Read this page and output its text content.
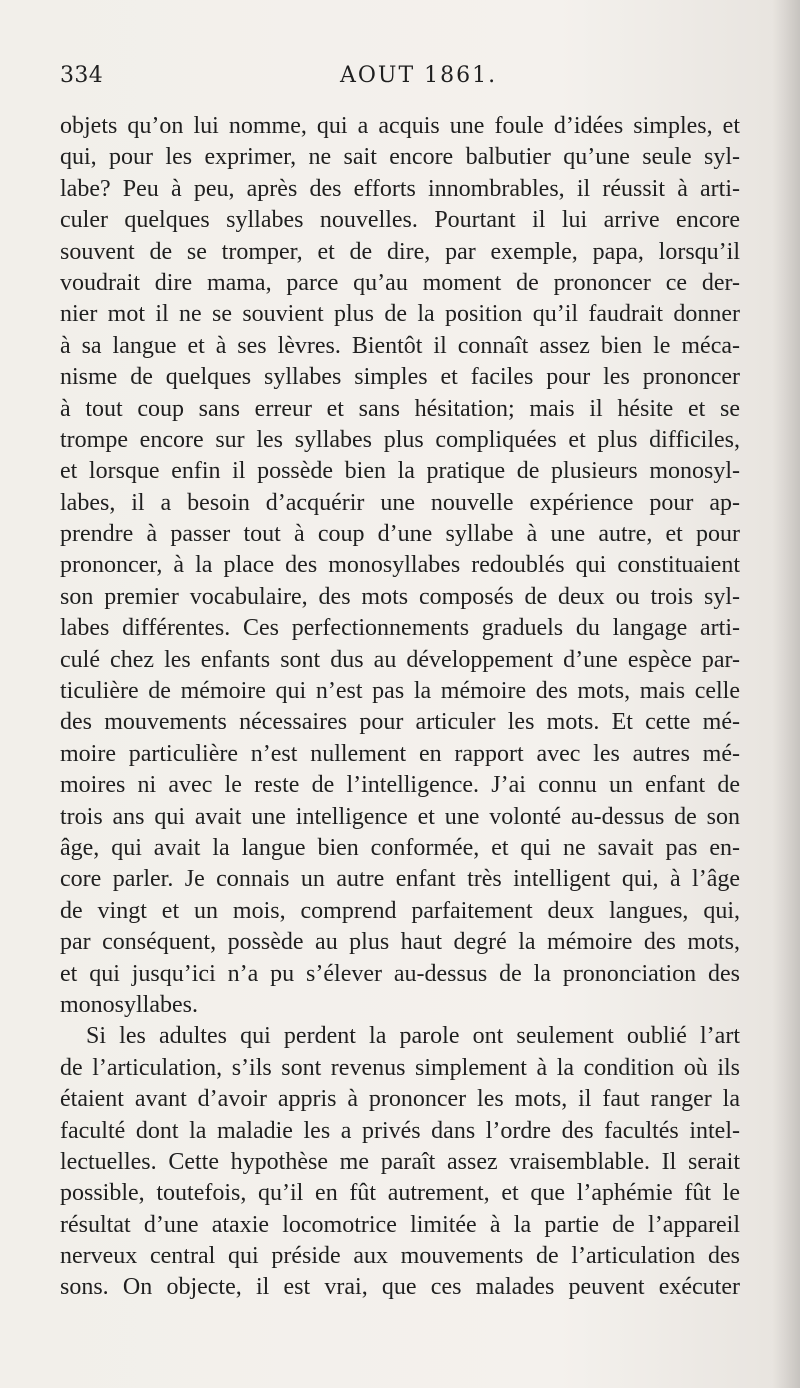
334	AOUT 1861.
objets qu’on lui nomme, qui a acquis une foule d’idées simples, et
qui, pour les exprimer, ne sait encore balbutier qu’une seule syl-
labe? Peu à peu, après des efforts innombrables, il réussit à arti-
culer quelques syllabes nouvelles. Pourtant il lui arrive encore
souvent de se tromper, et de dire, par exemple, papa, lorsqu’il
voudrait dire mama, parce qu’au moment de prononcer ce der-
nier mot il ne se souvient plus de la position qu’il faudrait donner
à sa langue et à ses lèvres. Bientôt il connaît assez bien le méca-
nisme de quelques syllabes simples et faciles pour les prononcer
à tout coup sans erreur et sans hésitation; mais il hésite et se
trompe encore sur les syllabes plus compliquées et plus difficiles,
et lorsque enfin il possède bien la pratique de plusieurs monosyl-
labes, il a besoin d’acquérir une nouvelle expérience pour ap-
prendre à passer tout à coup d’une syllabe à une autre, et pour
prononcer, à la place des monosyllabes redoublés qui constituaient
son premier vocabulaire, des mots composés de deux ou trois syl-
labes différentes. Ces perfectionnements graduels du langage arti-
culé chez les enfants sont dus au développement d’une espèce par-
ticulière de mémoire qui n’est pas la mémoire des mots, mais celle
des mouvements nécessaires pour articuler les mots. Et cette mé-
moire particulière n’est nullement en rapport avec les autres mé-
moires ni avec le reste de l’intelligence. J’ai connu un enfant de
trois ans qui avait une intelligence et une volonté au-dessus de son
âge, qui avait la langue bien conformée, et qui ne savait pas en-
core parler. Je connais un autre enfant très intelligent qui, à l’âge
de vingt et un mois, comprend parfaitement deux langues, qui,
par conséquent, possède au plus haut degré la mémoire des mots,
et qui jusqu’ici n’a pu s’élever au-dessus de la prononciation des
monosyllabes.
Si les adultes qui perdent la parole ont seulement oublié l’art
de l’articulation, s’ils sont revenus simplement à la condition où ils
étaient avant d’avoir appris à prononcer les mots, il faut ranger la
faculté dont la maladie les a privés dans l’ordre des facultés intel-
lectuelles. Cette hypothèse me paraît assez vraisemblable. Il serait
possible, toutefois, qu’il en fût autrement, et que l’aphémie fût le
résultat d’une ataxie locomotrice limitée à la partie de l’appareil
nerveux central qui préside aux mouvements de l’articulation des
sons. On objecte, il est vrai, que ces malades peuvent exécuter
